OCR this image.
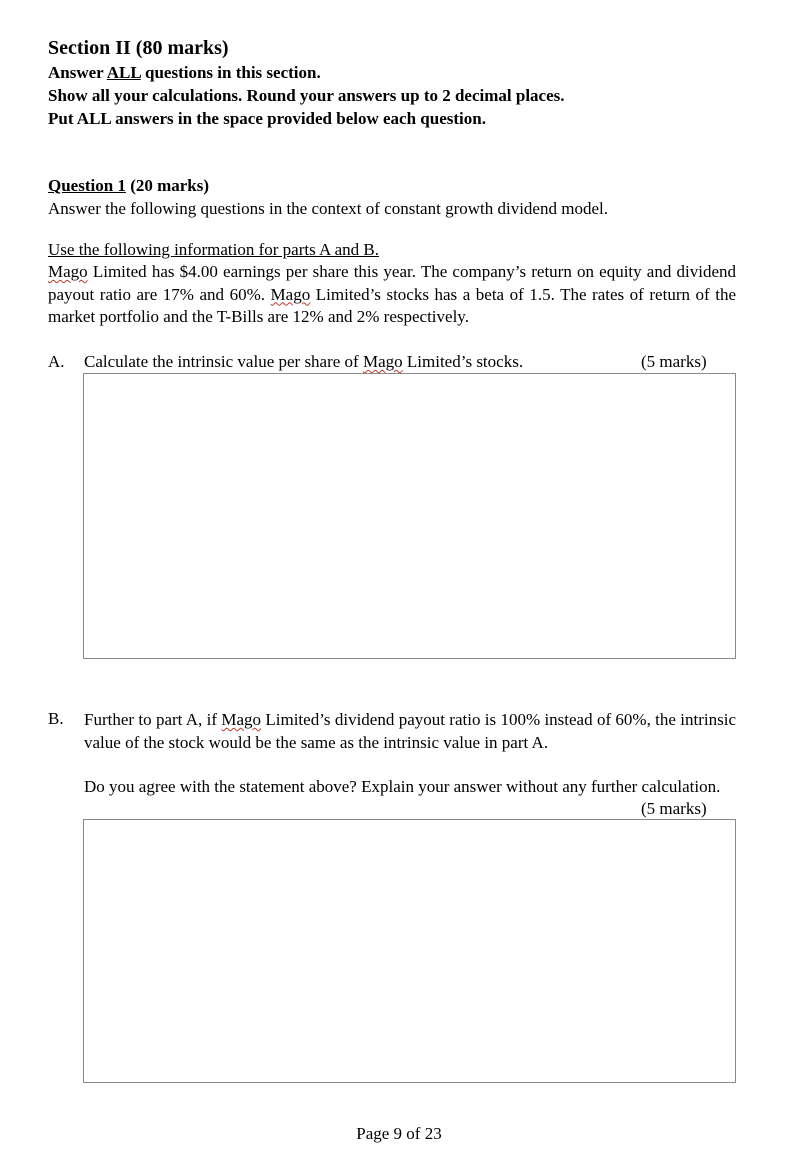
Section II (80 marks)
Answer ALL questions in this section.
Show all your calculations. Round your answers up to 2 decimal places.
Put ALL answers in the space provided below each question.
Question 1 (20 marks)
Answer the following questions in the context of constant growth dividend model.
Use the following information for parts A and B.
Mago Limited has $4.00 earnings per share this year. The company’s return on equity and dividend payout ratio are 17% and 60%. Mago Limited’s stocks has a beta of 1.5. The rates of return of the market portfolio and the T-Bills are 12% and 2% respectively.
A. Calculate the intrinsic value per share of Mago Limited’s stocks.	(5 marks)
B. Further to part A, if Mago Limited’s dividend payout ratio is 100% instead of 60%, the intrinsic value of the stock would be the same as the intrinsic value in part A.
Do you agree with the statement above? Explain your answer without any further calculation.
(5 marks)
Page 9 of 23
